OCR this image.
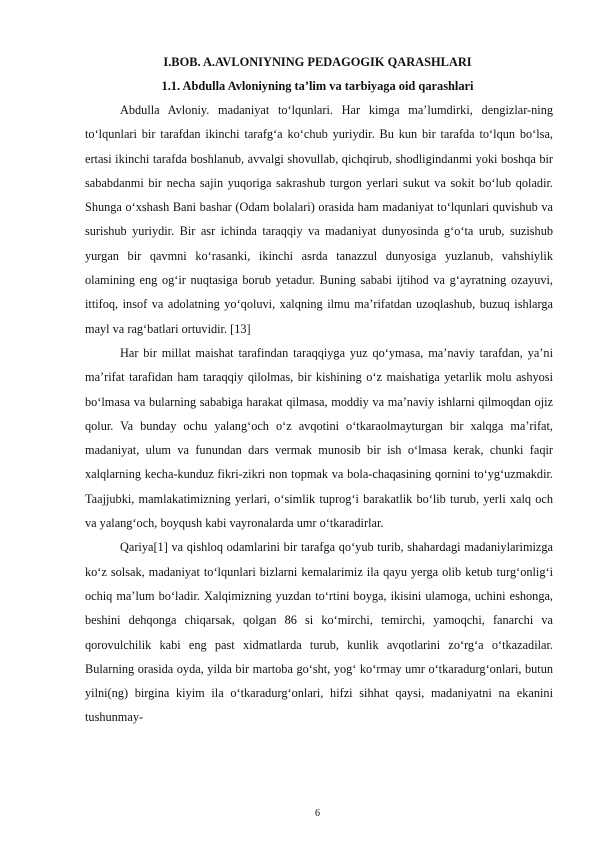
I.BOB. A.AVLONIYNING PEDAGOGIK QARASHLARI
1.1. Abdulla Avloniyning ta’lim va tarbiyaga oid qarashlari

Abdulla Avloniy. madaniyat to‘lqunlari. Har kimga ma’lumdirki, dengizlar-ning to‘lqunlari bir tarafdan ikinchi tarafg‘a ko‘chub yuriydir. Bu kun bir tarafda to‘lqun bo‘lsa, ertasi ikinchi tarafda boshlanub, avvalgi shovullab, qichqirub, shodligindanmi yoki boshqa bir sababdanmi bir necha sajin yuqoriga sakrashub turgon yerlari sukut va sokit bo‘lub qoladir. Shunga o‘xshash Bani bashar (Odam bolalari) orasida ham madaniyat to‘lqunlari quvishub va surishub yuriydir. Bir asr ichinda taraqqiy va madaniyat dunyosinda g‘o‘ta urub, suzishub yurgan bir qavmni ko‘rasanki, ikinchi asrda tanazzul dunyosiga yuzlanub, vahshiylik olamining eng og‘ir nuqtasiga borub yetadur. Buning sababi ijtihod va g‘ayratning ozayuvi, ittifoq, insof va adolatning yo‘qoluvi, xalqning ilmu ma’rifatdan uzoqlashub, buzuq ishlarga mayl va rag‘batlari ortuvidir. [13]

Har bir millat maishat tarafindan taraqqiyga yuz qo‘ymasa, ma’naviy tarafdan, ya’ni ma’rifat tarafidan ham taraqqiy qilolmas, bir kishining o‘z maishatiga yetarlik molu ashyosi bo‘lmasa va bularning sababiga harakat qilmasa, moddiy va ma’naviy ishlarni qilmoqdan ojiz qolur. Va bunday ochu yalang‘och o‘z avqotini o‘tkaraolmayturgan bir xalqga ma’rifat, madaniyat, ulum va funundan dars vermak munosib bir ish o‘lmasa kerak, chunki faqir xalqlarning kecha-kunduz fikri-zikri non topmak va bola-chaqasining qornini to‘yg‘uzmakdir. Taajjubki, mamlakatimizning yerlari, o‘simlik tuprog‘i barakatlik bo‘lib turub, yerli xalq och va yalang‘och, boyqush kabi vayronalarda umr o‘tkaradirlar.

Qariya[1] va qishloq odamlarini bir tarafga qo‘yub turib, shahardagi madaniylarimizga ko‘z solsak, madaniyat to‘lqunlari bizlarni kemalarimiz ila qayu yerga olib ketub turg‘onlig‘i ochiq ma’lum bo‘ladir. Xalqimizning yuzdan to‘rtini boyga, ikisini ulamoga, uchini eshonga, beshini dehqonga chiqarsak, qolgan 86 si ko‘mirchi, temirchi, yamoqchi, fanarchi va qorovulchilik kabi eng past xidmatlarda turub, kunlik avqotlarini zo‘rg‘a o‘tkazadilar. Bularning orasida oyda, yilda bir martoba go‘sht, yog‘ ko‘rmay umr o‘tkaradurg‘onlari, butun yilni(ng) birgina kiyim ila o‘tkaradurg‘onlari, hifzi sihhat qaysi, madaniyatni na ekanini tushunmay-

6
